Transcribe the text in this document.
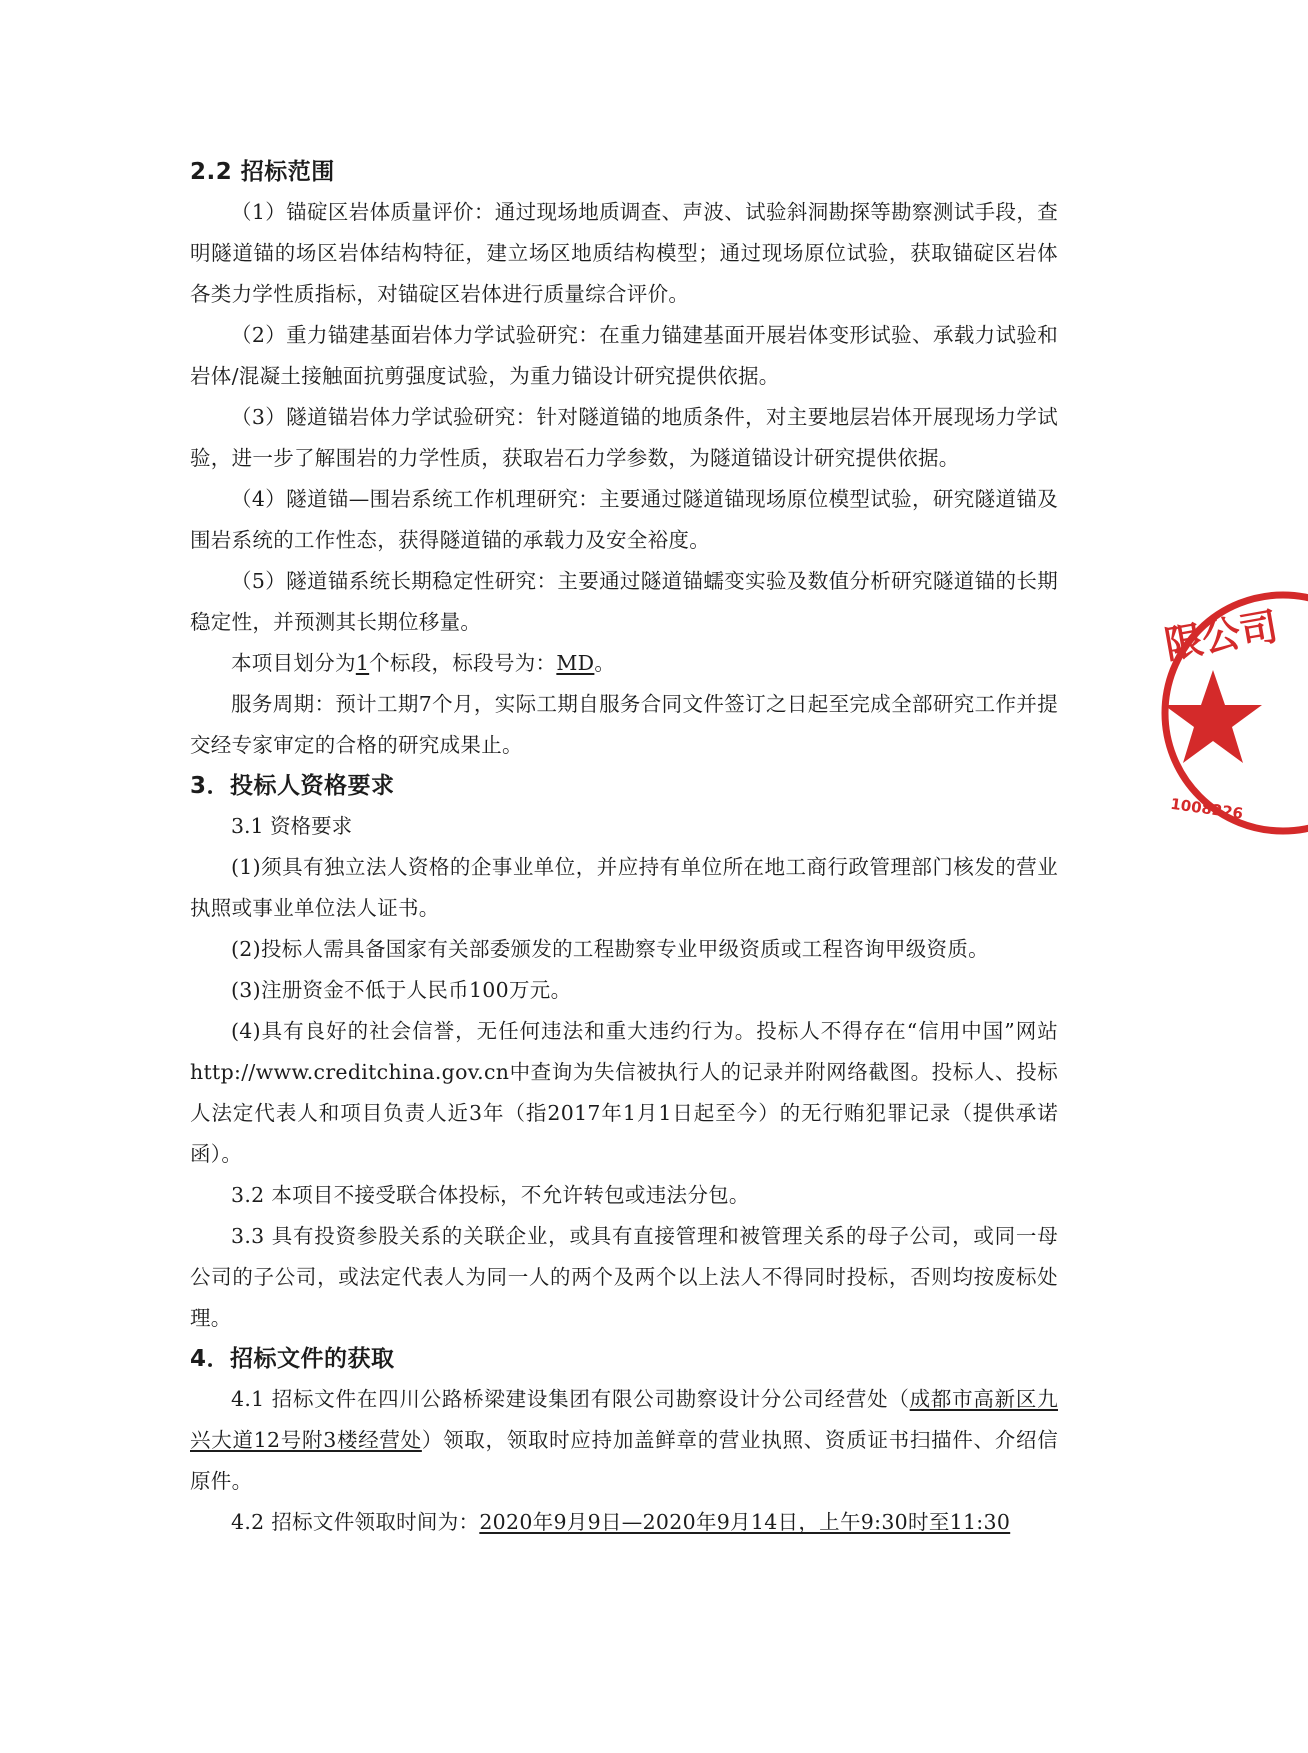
2.2 招标范围

（1）锚碇区岩体质量评价：通过现场地质调查、声波、试验斜洞勘探等勘察测试手段，查明隧道锚的场区岩体结构特征，建立场区地质结构模型；通过现场原位试验，获取锚碇区岩体各类力学性质指标，对锚碇区岩体进行质量综合评价。

（2）重力锚建基面岩体力学试验研究：在重力锚建基面开展岩体变形试验、承载力试验和岩体/混凝土接触面抗剪强度试验，为重力锚设计研究提供依据。

（3）隧道锚岩体力学试验研究：针对隧道锚的地质条件，对主要地层岩体开展现场力学试验，进一步了解围岩的力学性质，获取岩石力学参数，为隧道锚设计研究提供依据。

（4）隧道锚—围岩系统工作机理研究：主要通过隧道锚现场原位模型试验，研究隧道锚及围岩系统的工作性态，获得隧道锚的承载力及安全裕度。

（5）隧道锚系统长期稳定性研究：主要通过隧道锚蠕变实验及数值分析研究隧道锚的长期稳定性，并预测其长期位移量。

本项目划分为1个标段，标段号为：MD。

服务周期：预计工期7个月，实际工期自服务合同文件签订之日起至完成全部研究工作并提交经专家审定的合格的研究成果止。

3．投标人资格要求

3.1 资格要求

(1)须具有独立法人资格的企事业单位，并应持有单位所在地工商行政管理部门核发的营业执照或事业单位法人证书。

(2)投标人需具备国家有关部委颁发的工程勘察专业甲级资质或工程咨询甲级资质。

(3)注册资金不低于人民币100万元。

(4)具有良好的社会信誉，无任何违法和重大违约行为。投标人不得存在“信用中国”网站http://www.creditchina.gov.cn中查询为失信被执行人的记录并附网络截图。投标人、投标人法定代表人和项目负责人近3年（指2017年1月1日起至今）的无行贿犯罪记录（提供承诺函）。

3.2 本项目不接受联合体投标，不允许转包或违法分包。

3.3 具有投资参股关系的关联企业，或具有直接管理和被管理关系的母子公司，或同一母公司的子公司，或法定代表人为同一人的两个及两个以上法人不得同时投标，否则均按废标处理。

4．招标文件的获取

4.1 招标文件在四川公路桥梁建设集团有限公司勘察设计分公司经营处（成都市高新区九兴大道12号附3楼经营处）领取，领取时应持加盖鲜章的营业执照、资质证书扫描件、介绍信原件。

4.2 招标文件领取时间为：2020年9月9日—2020年9月14日，上午9:30时至11:30

限公司
1008226
